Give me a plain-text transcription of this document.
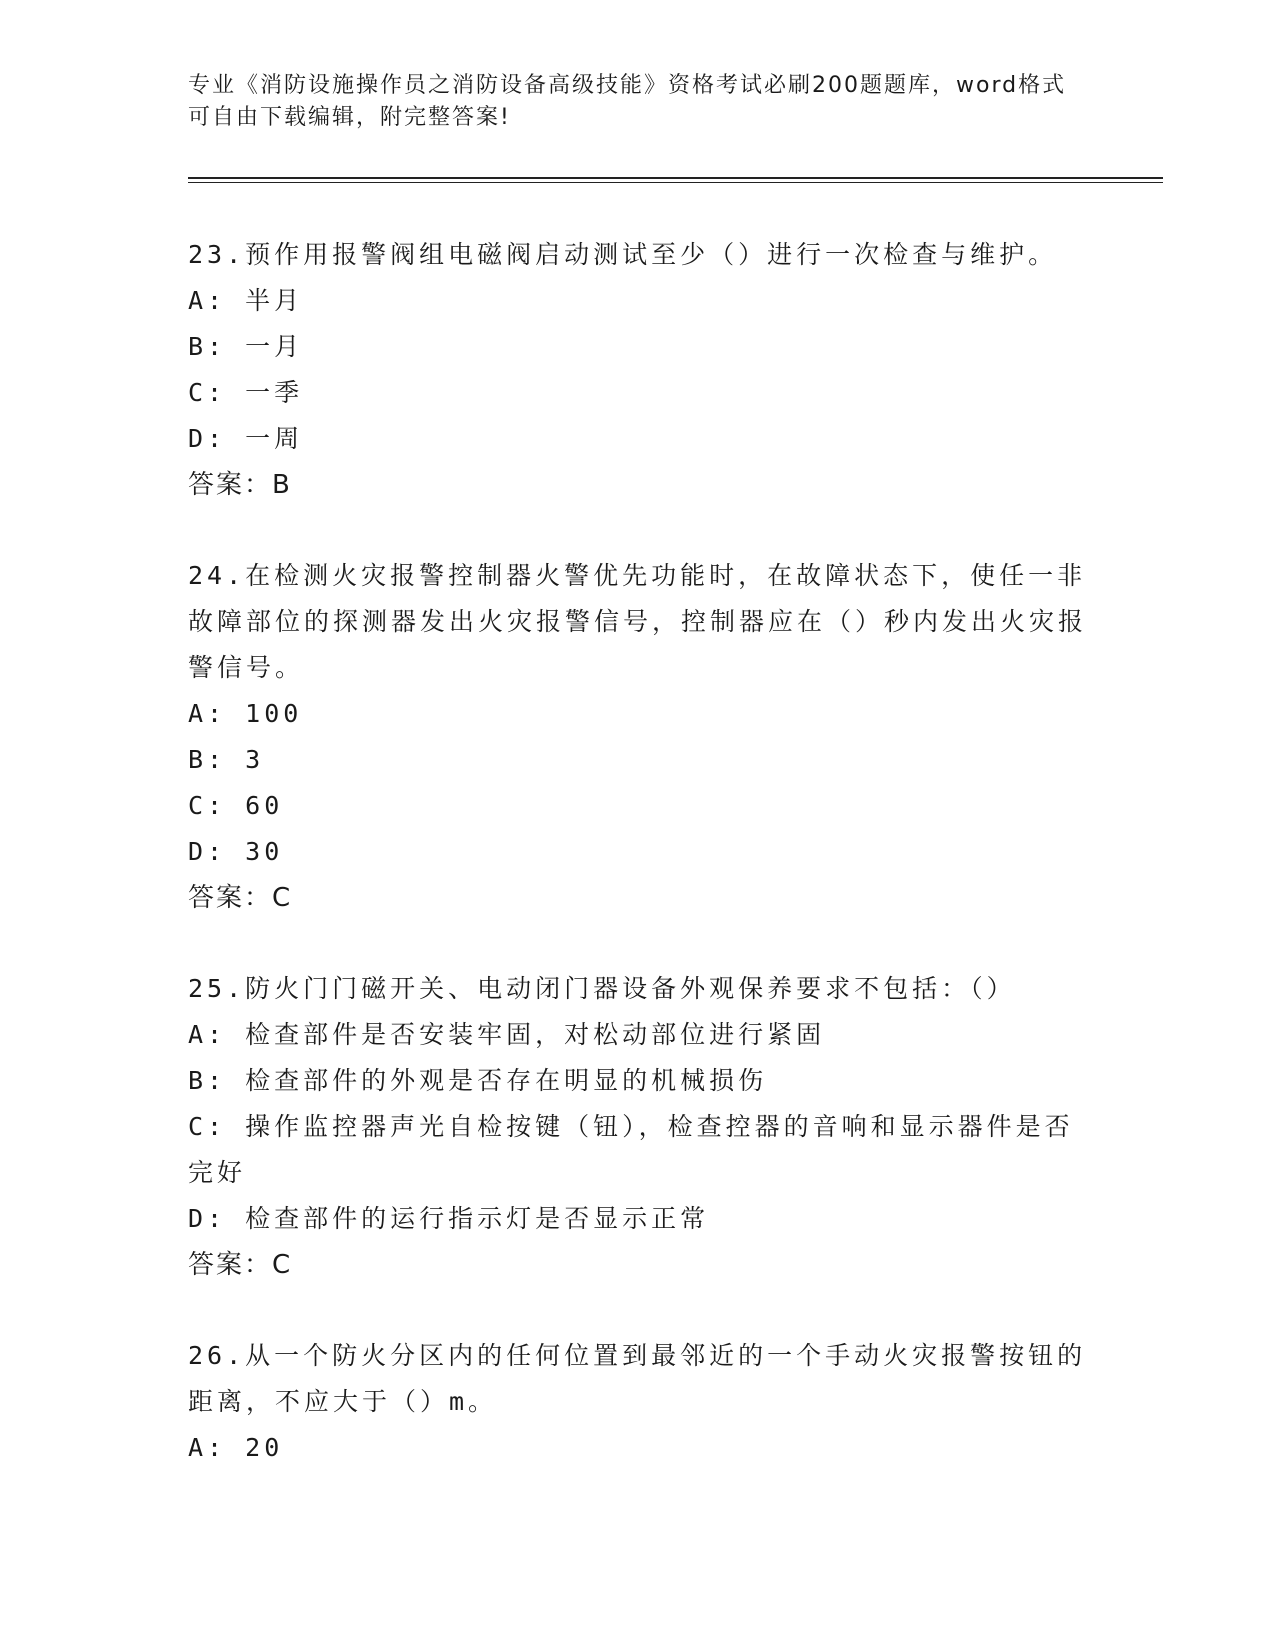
专业《消防设施操作员之消防设备高级技能》资格考试必刷200题题库，word格式可自由下载编辑，附完整答案!

23.预作用报警阀组电磁阀启动测试至少（）进行一次检查与维护。

A: 半月

B: 一月

C: 一季

D: 一周

答案：B

24.在检测火灾报警控制器火警优先功能时，在故障状态下，使任一非故障部位的探测器发出火灾报警信号，控制器应在（）秒内发出火灾报警信号。

A: 100

B: 3

C: 60

D: 30

答案：C

25.防火门门磁开关、电动闭门器设备外观保养要求不包括：（）

A: 检查部件是否安装牢固，对松动部位进行紧固

B: 检查部件的外观是否存在明显的机械损伤

C: 操作监控器声光自检按键（钮），检查控器的音响和显示器件是否完好

D: 检查部件的运行指示灯是否显示正常

答案：C

26.从一个防火分区内的任何位置到最邻近的一个手动火灾报警按钮的距离，不应大于（）m。

A: 20
